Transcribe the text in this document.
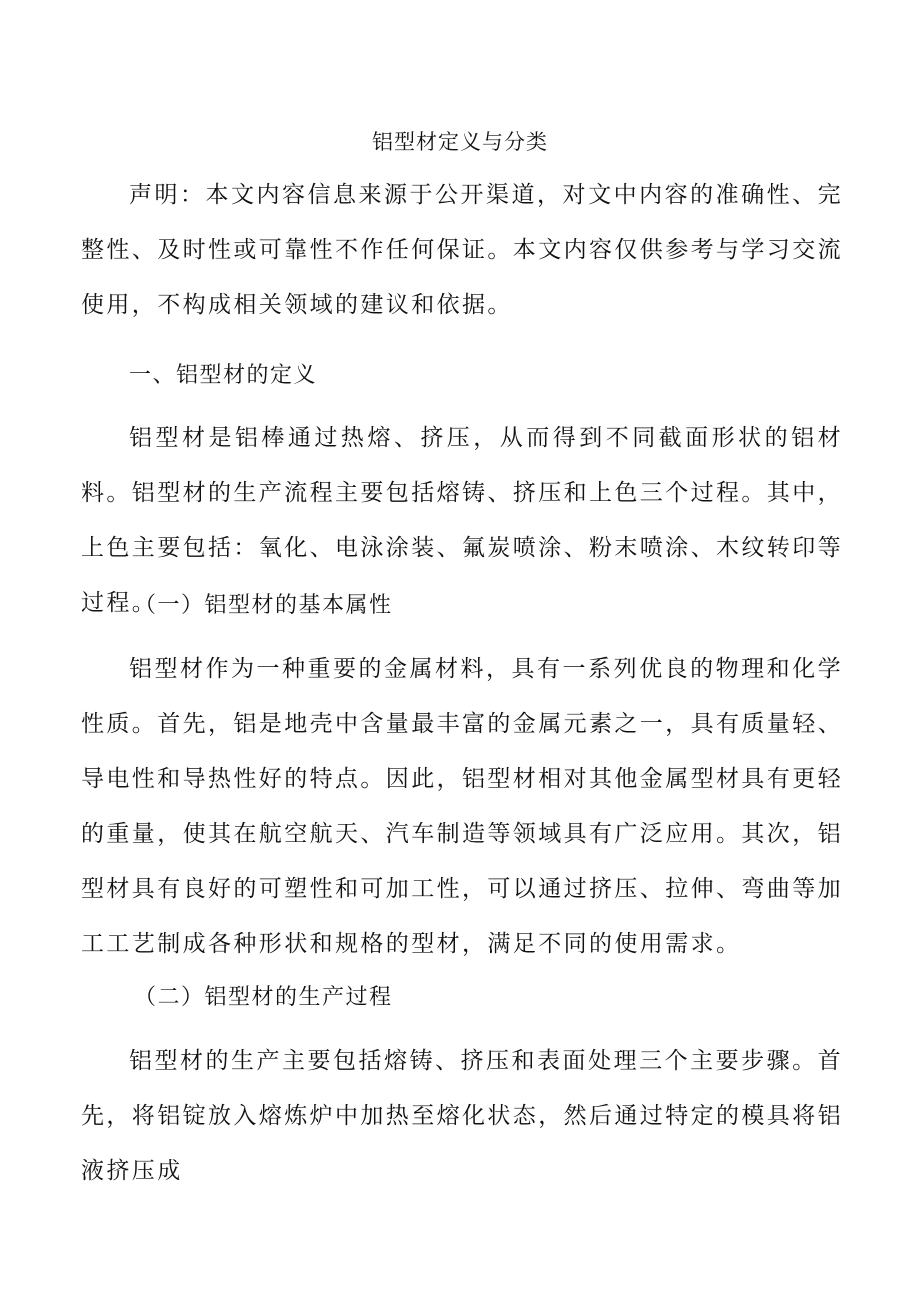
铝型材定义与分类

声明：本文内容信息来源于公开渠道，对文中内容的准确性、完整性、及时性或可靠性不作任何保证。本文内容仅供参考与学习交流使用，不构成相关领域的建议和依据。

一、铝型材的定义

铝型材是铝棒通过热熔、挤压，从而得到不同截面形状的铝材料。铝型材的生产流程主要包括熔铸、挤压和上色三个过程。其中，上色主要包括：氧化、电泳涂装、氟炭喷涂、粉末喷涂、木纹转印等过程。

（一）铝型材的基本属性

铝型材作为一种重要的金属材料，具有一系列优良的物理和化学性质。首先，铝是地壳中含量最丰富的金属元素之一，具有质量轻、导电性和导热性好的特点。因此，铝型材相对其他金属型材具有更轻的重量，使其在航空航天、汽车制造等领域具有广泛应用。其次，铝型材具有良好的可塑性和可加工性，可以通过挤压、拉伸、弯曲等加工工艺制成各种形状和规格的型材，满足不同的使用需求。

（二）铝型材的生产过程

铝型材的生产主要包括熔铸、挤压和表面处理三个主要步骤。首先，将铝锭放入熔炼炉中加热至熔化状态，然后通过特定的模具将铝液挤压成
